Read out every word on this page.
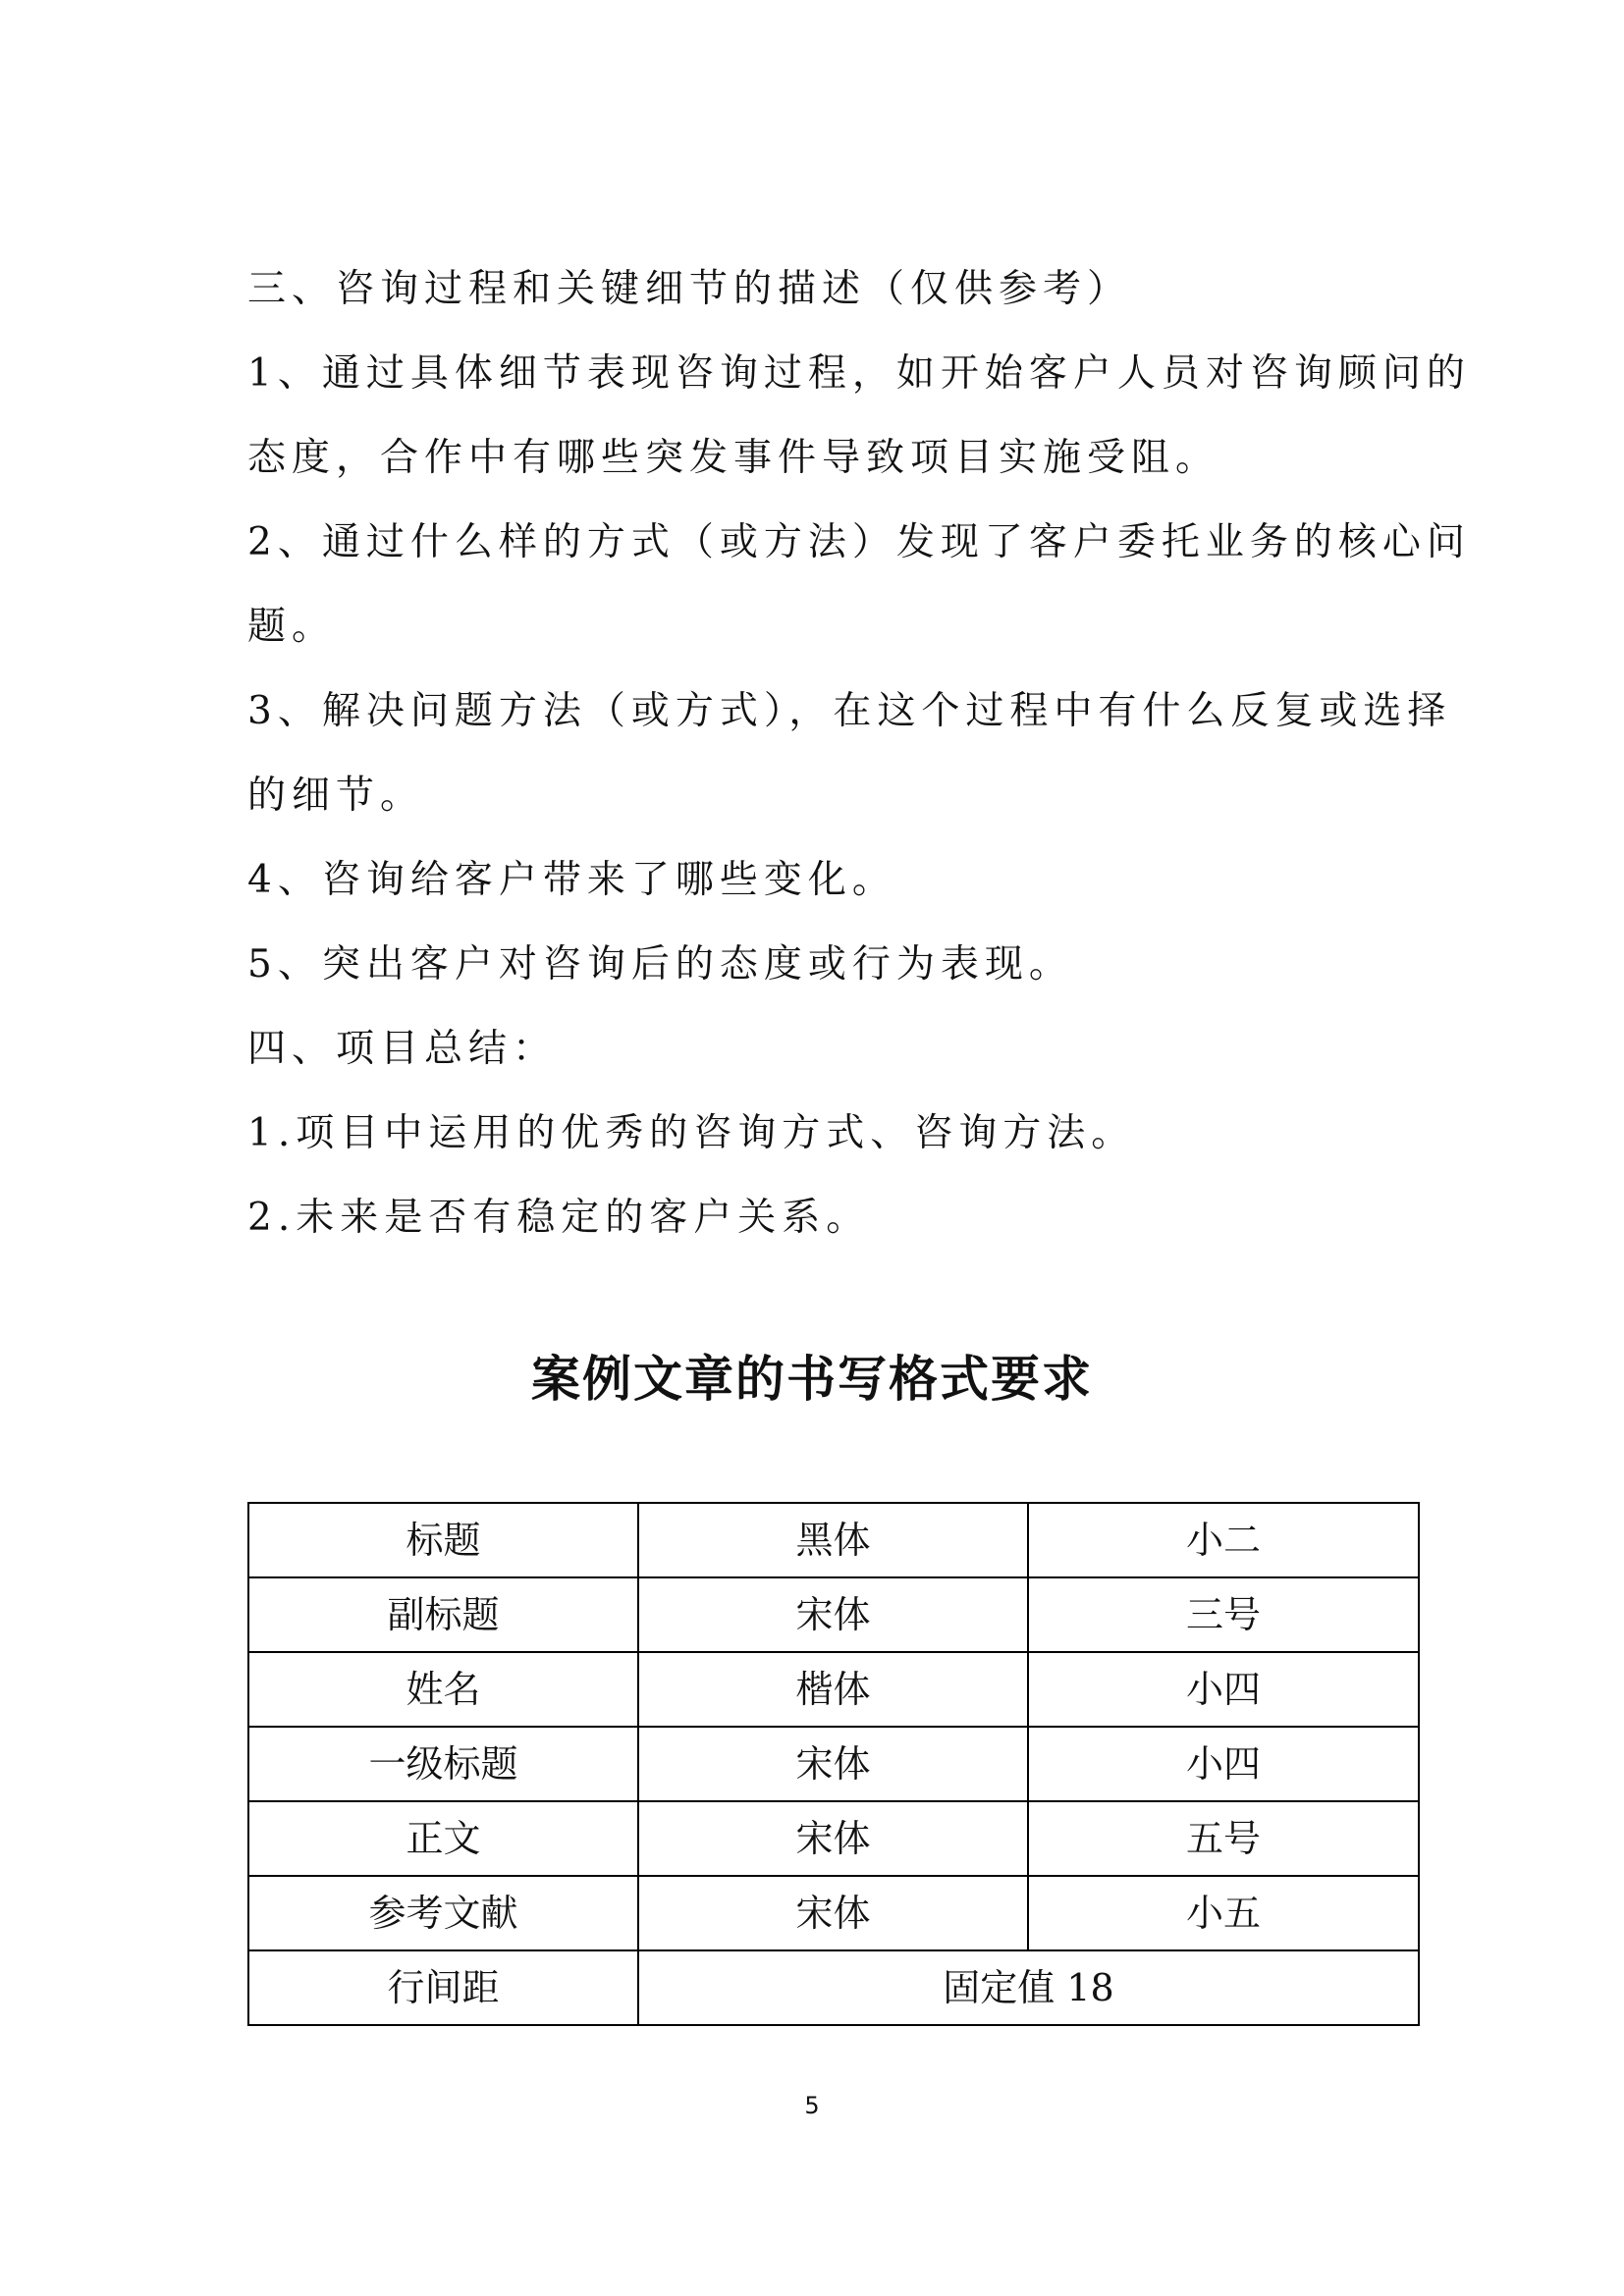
三、咨询过程和关键细节的描述（仅供参考）

1、通过具体细节表现咨询过程，如开始客户人员对咨询顾问的

态度，合作中有哪些突发事件导致项目实施受阻。

2、通过什么样的方式（或方法）发现了客户委托业务的核心问

题。

3、解决问题方法（或方式），在这个过程中有什么反复或选择

的细节。

4、咨询给客户带来了哪些变化。

5、突出客户对咨询后的态度或行为表现。

四、项目总结：

1.项目中运用的优秀的咨询方式、咨询方法。

2.未来是否有稳定的客户关系。

案例文章的书写格式要求
标题	黑体	小二
副标题	宋体	三号
姓名	楷体	小四
一级标题	宋体	小四
正文	宋体	五号
参考文献	宋体	小五
行间距	固定值 18	
5
